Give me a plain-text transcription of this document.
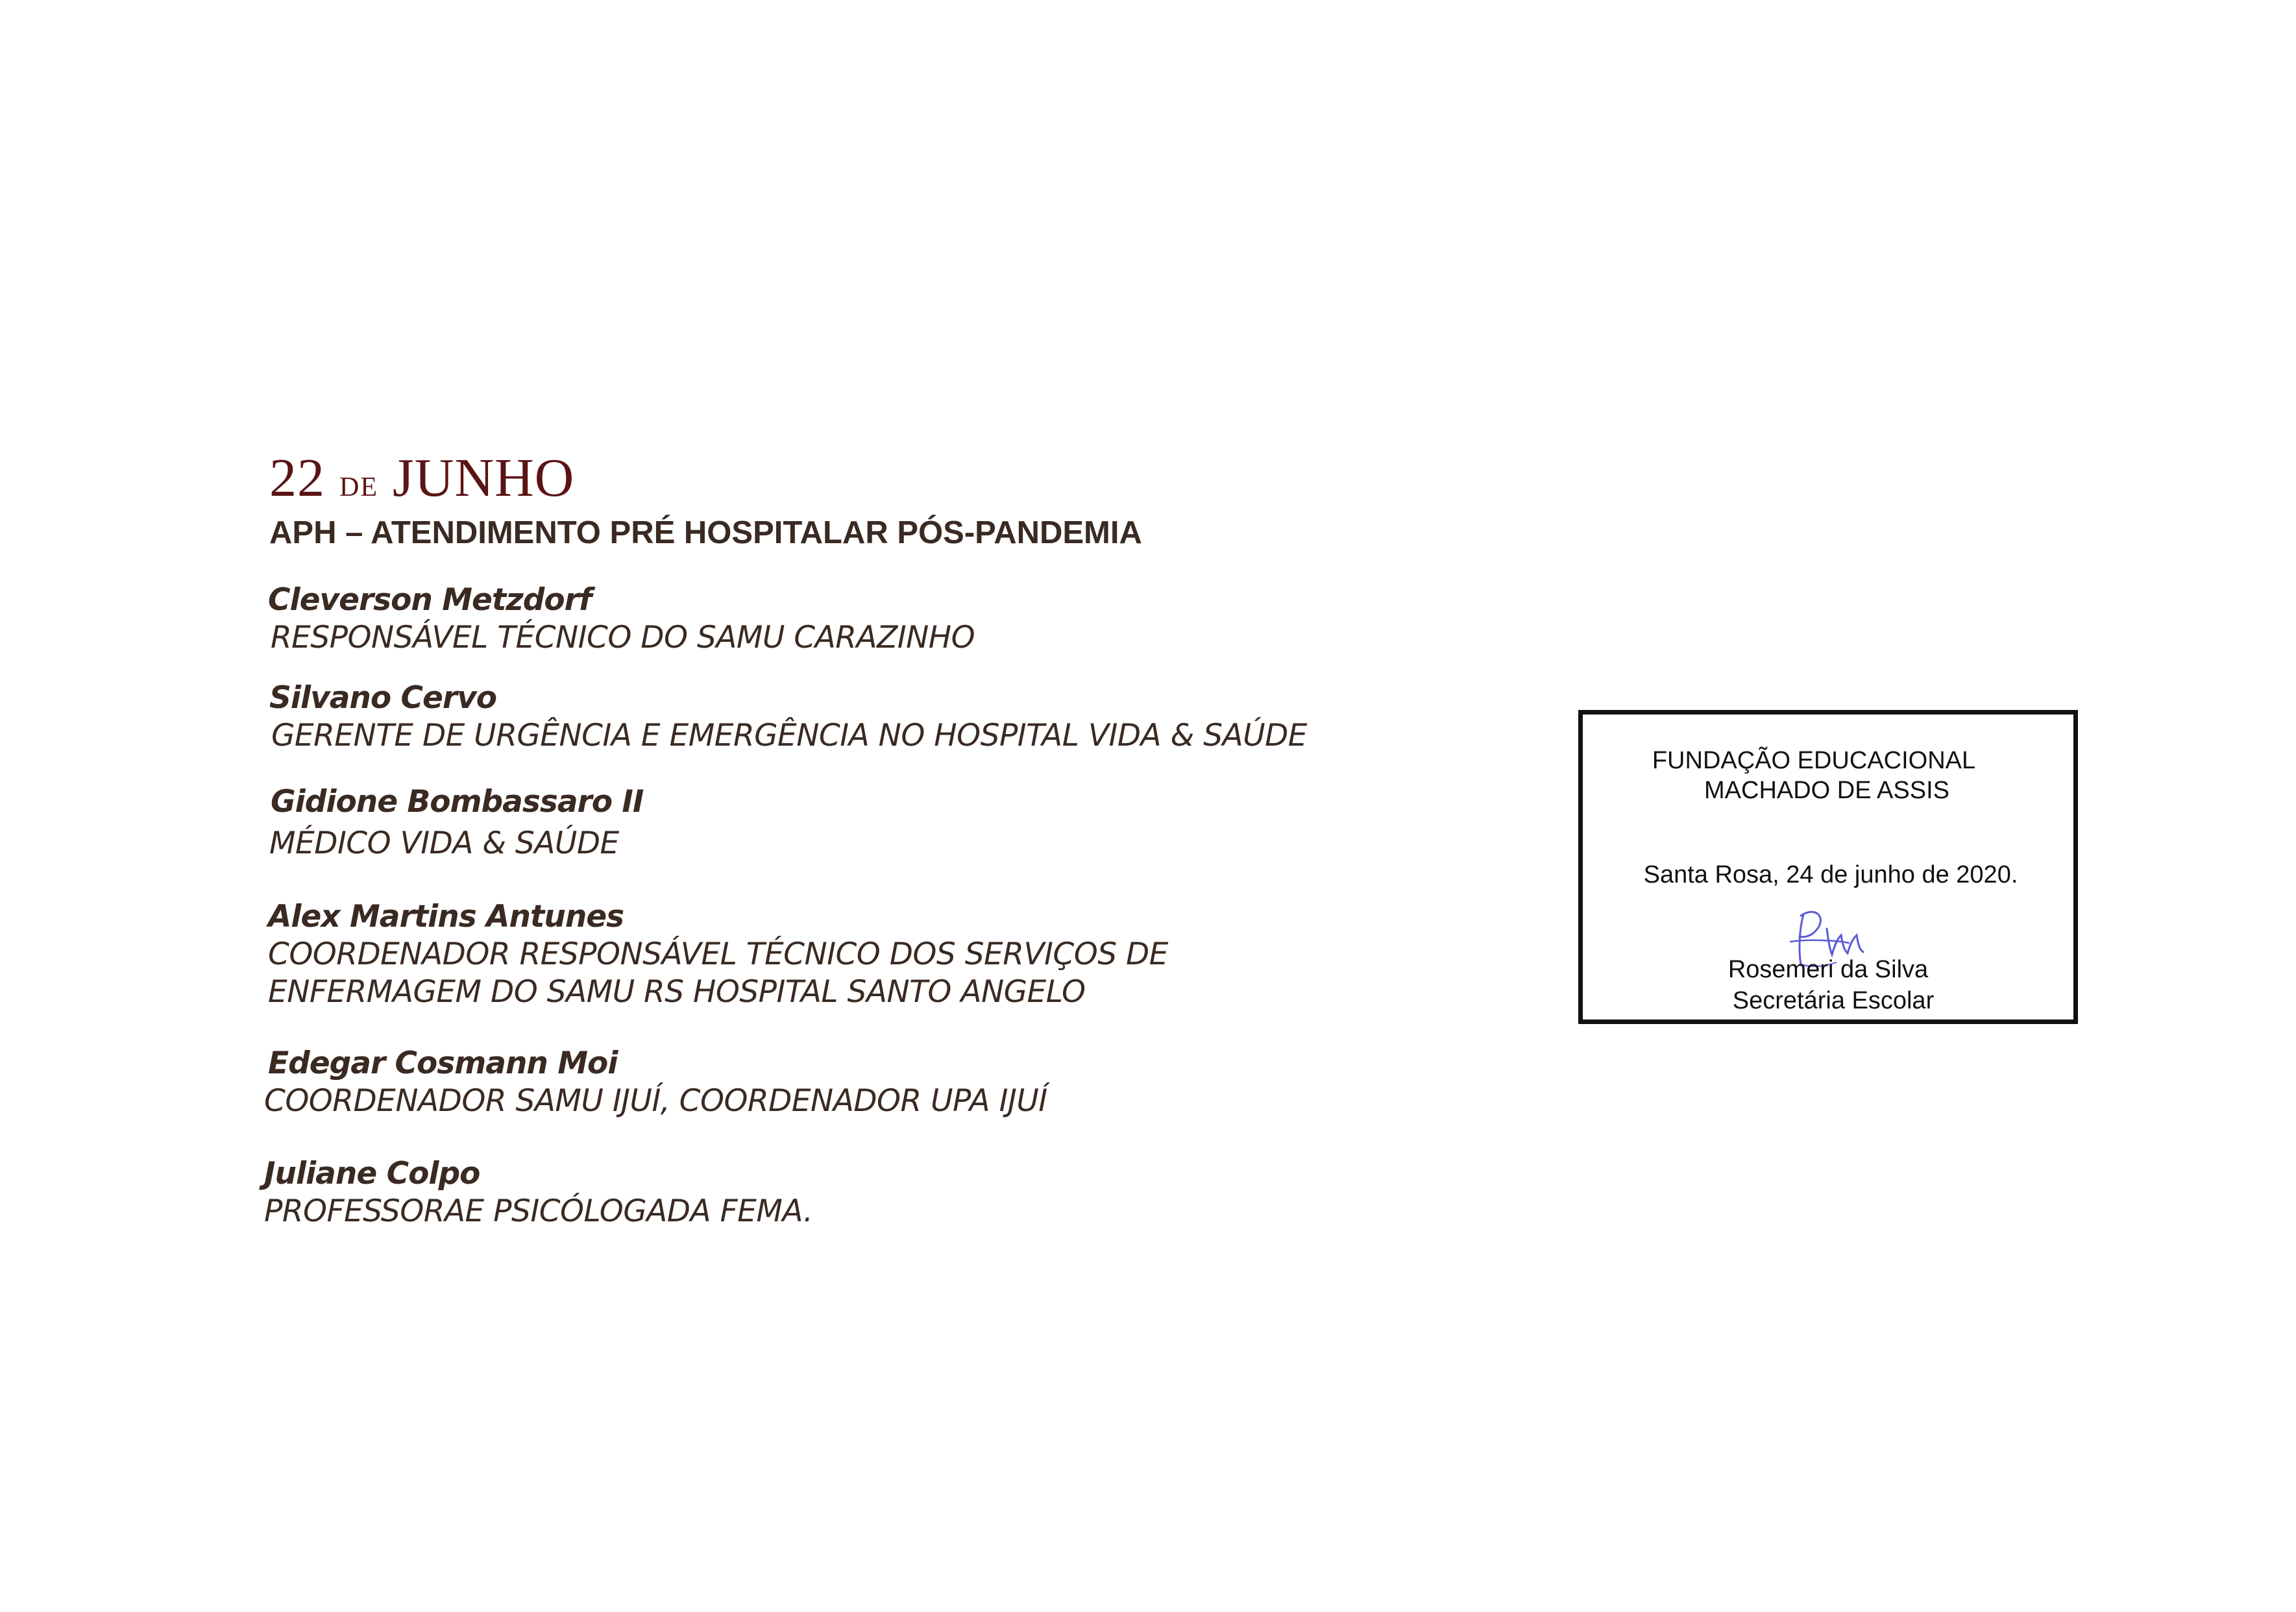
22 de JUNHO
APH – ATENDIMENTO PRÉ HOSPITALAR PÓS-PANDEMIA
Cleverson Metzdorf
RESPONSÁVEL TÉCNICO DO SAMU CARAZINHO
Silvano Cervo
GERENTE DE URGÊNCIA E EMERGÊNCIA NO HOSPITAL VIDA & SAÚDE
Gidione Bombassaro II
MÉDICO VIDA & SAÚDE
Alex Martins Antunes
COORDENADOR RESPONSÁVEL TÉCNICO DOS SERVIÇOS DE
ENFERMAGEM DO SAMU RS HOSPITAL SANTO ANGELO
Edegar Cosmann Moi
COORDENADOR SAMU IJUÍ, COORDENADOR UPA IJUÍ
Juliane Colpo
PROFESSORAE PSICÓLOGADA FEMA.
FUNDAÇÃO EDUCACIONAL
MACHADO DE ASSIS
Santa Rosa, 24 de junho de 2020.
Rosemeri da Silva
Secretária Escolar
